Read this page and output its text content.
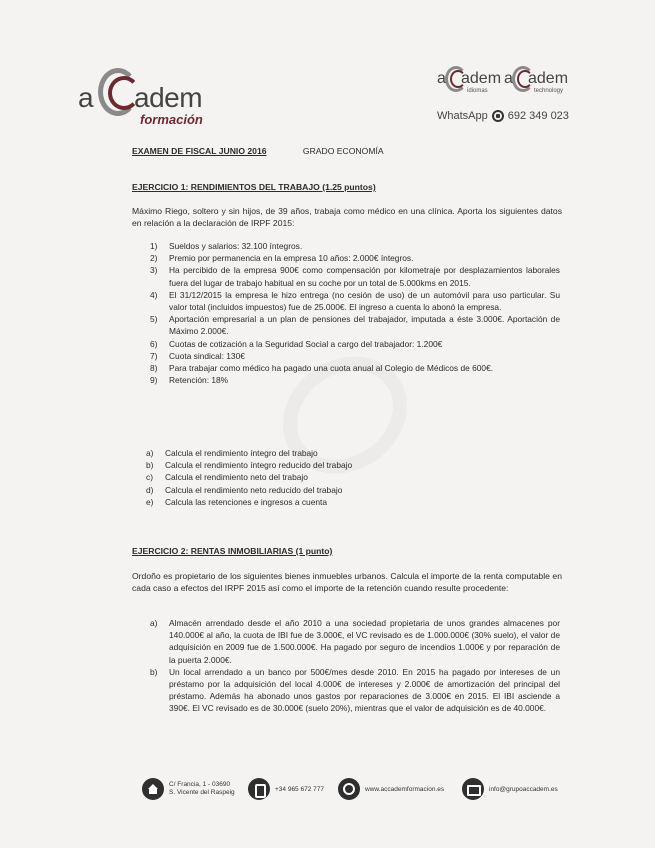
a adem
formación
a adem
idiomas
a adem
technology
WhatsApp 692 349 023
EXAMEN DE FISCAL JUNIO 2016	GRADO ECONOMÍA
EJERCICIO 1: RENDIMIENTOS DEL TRABAJO (1.25 puntos)
Máximo Riego, soltero y sin hijos, de 39 años, trabaja como médico en una clínica. Aporta los siguientes datos en relación a la declaración de IRPF 2015:
1) Sueldos y salarios: 32.100 íntegros.
2) Premio por permanencia en la empresa 10 años: 2.000€ íntegros.
3) Ha percibido de la empresa 900€ como compensación por kilometraje por desplazamientos laborales fuera del lugar de trabajo habitual en su coche por un total de 5.000kms en 2015.
4) El 31/12/2015 la empresa le hizo entrega (no cesión de uso) de un automóvil para uso particular. Su valor total (incluidos impuestos) fue de 25.000€. El ingreso a cuenta lo abonó la empresa.
5) Aportación empresarial a un plan de pensiones del trabajador, imputada a éste 3.000€. Aportación de Máximo 2.000€.
6) Cuotas de cotización a la Seguridad Social a cargo del trabajador: 1.200€
7) Cuota sindical: 130€
8) Para trabajar como médico ha pagado una cuota anual al Colegio de Médicos de 600€.
9) Retención: 18%
a) Calcula el rendimiento íntegro del trabajo
b) Calcula el rendimiento íntegro reducido del trabajo
c) Calcula el rendimiento neto del trabajo
d) Calcula el rendimiento neto reducido del trabajo
e) Calcula las retenciones e ingresos a cuenta
EJERCICIO 2: RENTAS INMOBILIARIAS (1 punto)
Ordoño es propietario de los siguientes bienes inmuebles urbanos. Calcula el importe de la renta computable en cada caso a efectos del IRPF 2015 así como el importe de la retención cuando resulte procedente:
a) Almacén arrendado desde el año 2010 a una sociedad propietaria de unos grandes almacenes por 140.000€ al año, la cuota de IBI fue de 3.000€, el VC revisado es de 1.000.000€ (30% suelo), el valor de adquisición en 2009 fue de 1.500.000€. Ha pagado por seguro de incendios 1.000€ y por reparación de la puerta 2.000€.
b) Un local arrendado a un banco por 500€/mes desde 2010. En 2015 ha pagado por intereses de un préstamo por la adquisición del local 4.000€ de intereses y 2.000€ de amortización del principal del préstamo. Además ha abonado unos gastos por reparaciones de 3.000€ en 2015. El IBI asciende a 390€. El VC revisado es de 30.000€ (suelo 20%), mientras que el valor de adquisición es de 40.000€.
C/ Francia, 1 - 03690
S. Vicente del Raspeig	+34 965 672 777	www.accademformacion.es	info@grupoaccadem.es
